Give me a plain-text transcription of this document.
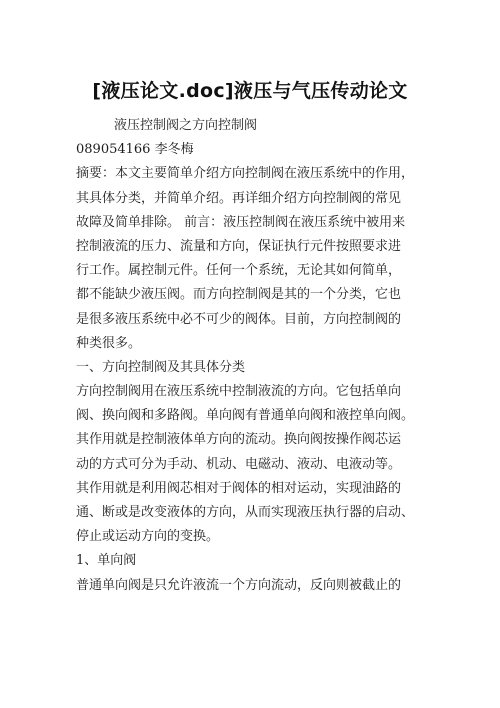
[液压论文.doc]液压与气压传动论文
液压控制阀之方向控制阀
089054166 李冬梅
摘要：本文主要简单介绍方向控制阀在液压系统中的作用，
其具体分类，并简单介绍。再详细介绍方向控制阀的常见
故障及简单排除。 前言：液压控制阀在液压系统中被用来
控制液流的压力、流量和方向，保证执行元件按照要求进
行工作。属控制元件。任何一个系统，无论其如何简单，
都不能缺少液压阀。而方向控制阀是其的一个分类，它也
是很多液压系统中必不可少的阀体。目前，方向控制阀的
种类很多。
一、方向控制阀及其具体分类
方向控制阀用在液压系统中控制液流的方向。它包括单向
阀、换向阀和多路阀。单向阀有普通单向阀和液控单向阀。
其作用就是控制液体单方向的流动。换向阀按操作阀芯运
动的方式可分为手动、机动、电磁动、液动、电液动等。
其作用就是利用阀芯相对于阀体的相对运动，实现油路的
通、断或是改变液体的方向，从而实现液压执行器的启动、
停止或运动方向的变换。
1、单向阀
普通单向阀是只允许液流一个方向流动，反向则被截止的
